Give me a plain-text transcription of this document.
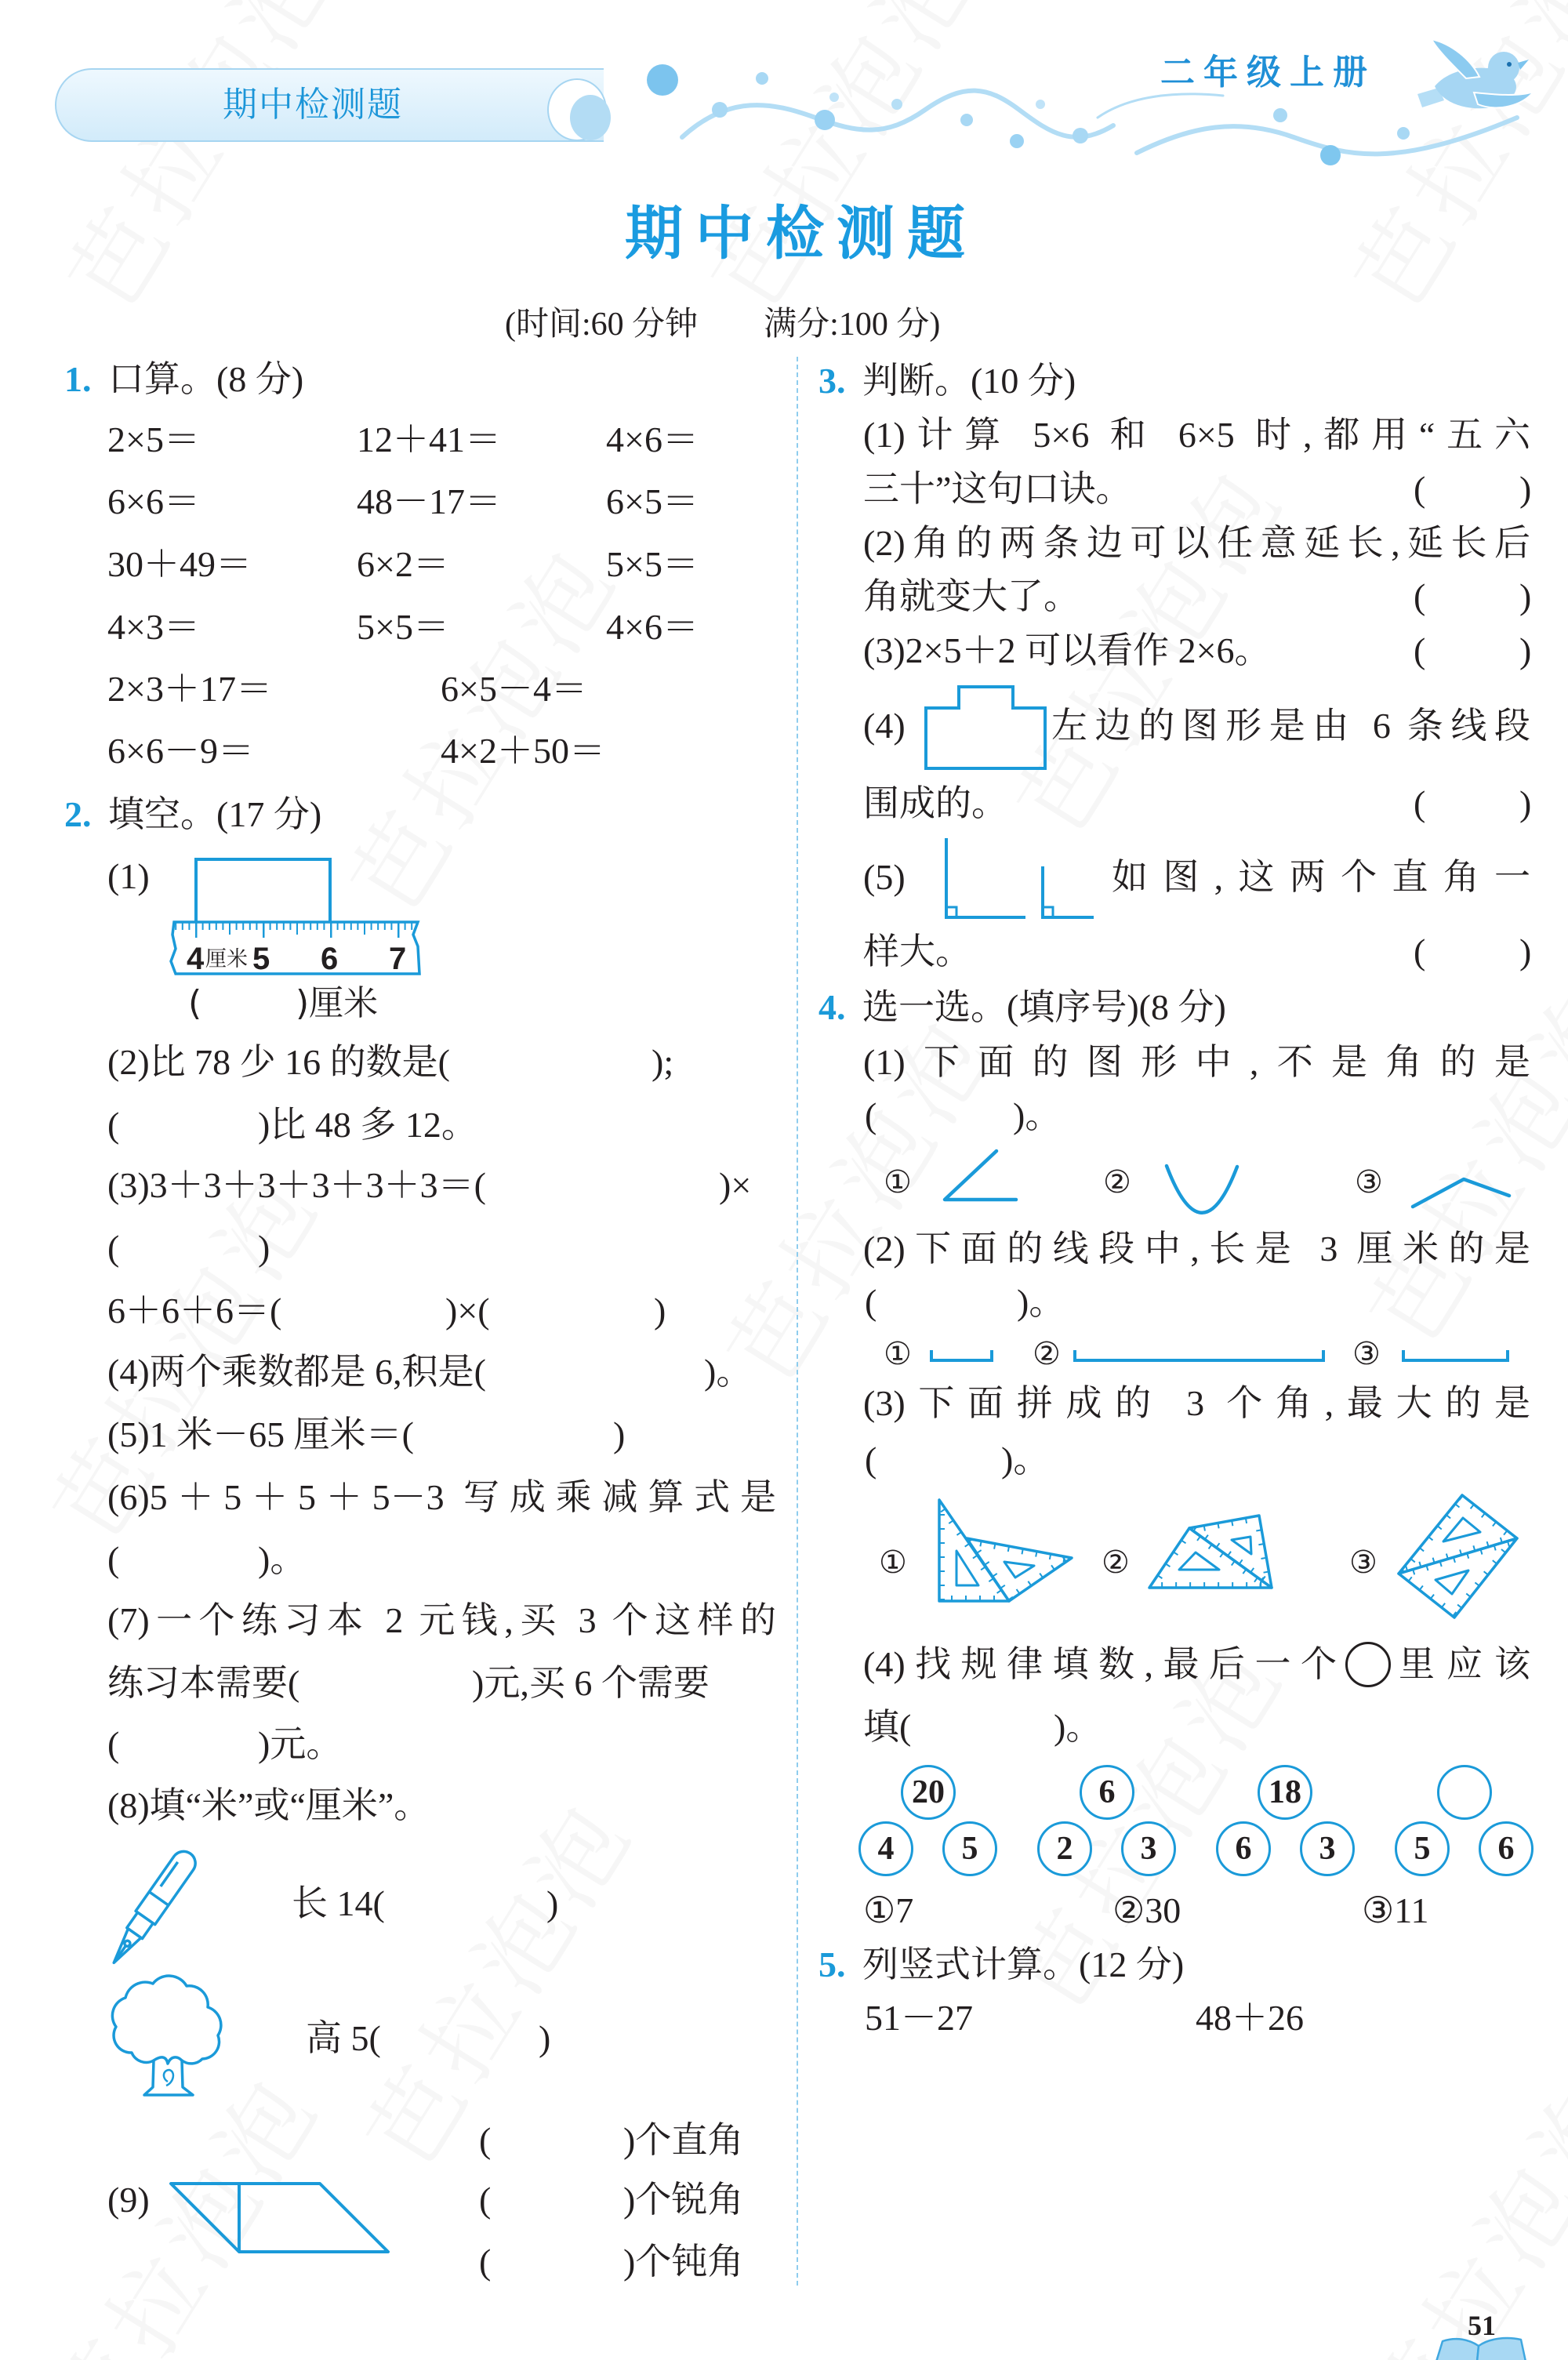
期中检测题
二年级上册
4 厘米 5 6 7
期中检测题
(时间:60 分钟　　满分:100 分)
1. 口算。(8 分)
2×5＝	12＋41＝	4×6＝
6×6＝	48－17＝	6×5＝
30＋49＝	6×2＝	5×5＝
4×3＝	5×5＝	4×6＝
2×3＋17＝	6×5－4＝
6×6－9＝	4×2＋50＝
2. 填空。(17 分)
(1)
(	)厘米
(2)比 78 少 16 的数是(	);
(	)比 48 多 12。
(3)3＋3＋3＋3＋3＋3＝(	)×
(	)
6＋6＋6＝(	)×(	)
(4)两个乘数都是 6,积是(	)。
(5)1 米－65 厘米＝(	)
(6)5＋5＋5＋5－3 写成乘减算式是
(	)。
(7)一个练习本 2 元钱,买 3 个这样的
练习本需要(	)元,买 6 个需要
(	)元。
(8)填“米”或“厘米”。
长 14(	)
高 5(	)
(9)
(	)个直角
(	)个锐角
(	)个钝角
3. 判断。(10 分)
(1)计算 5×6 和 6×5 时,都用“五六
三十”这句口诀。	(	)
(2)角的两条边可以任意延长,延长后
角就变大了。	(	)
(3)2×5＋2 可以看作 2×6。	(	)
(4)	左边的图形是由 6 条线段
围成的。	(	)
(5)	如图,这两个直角一
样大。	(	)
4. 选一选。(填序号)(8 分)
(1)下面的图形中,不是角的是
(	)。
①	②	③
(2)下面的线段中,长是 3 厘米的是
(	)。
①	②	③
(3)下面拼成的 3 个角,最大的是
(	)。
①	②	③
(4)找规律填数,最后一个 里应该
填(	)。
20
4	5
6
2	3
18
6	3	5	6
①7	②30	③11
5. 列竖式计算。(12 分)
51－27	48＋26
51
